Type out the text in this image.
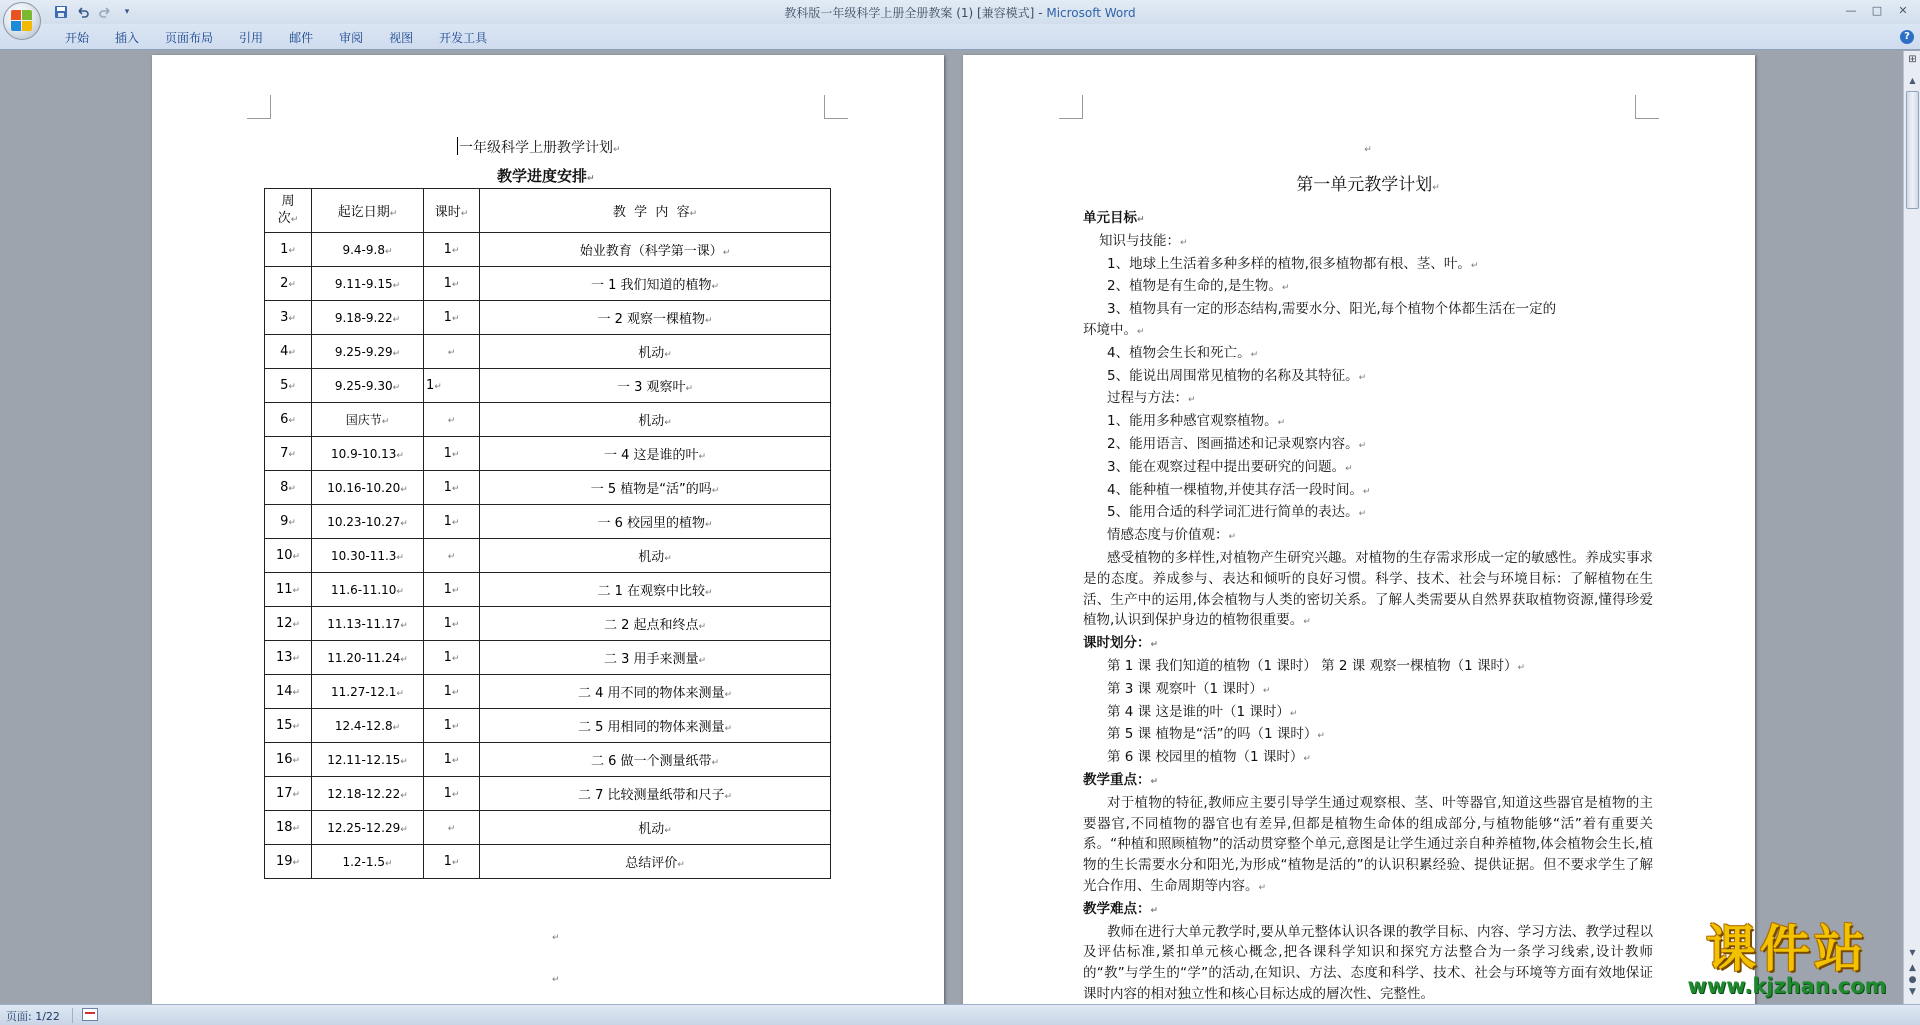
▾	教科版一年级科学上册全册教案 (1) [兼容模式] - Microsoft Word	—	□	✕
开始	插入	页面布局	引用	邮件	审阅	视图	开发工具	?
一年级科学上册教学计划↵
教学进度安排↵
周
次↵	起讫日期↵	课时↵	教  学  内  容↵
1↵	9.4-9.8↵	1↵	始业教育（科学第一课）↵
2↵	9.11-9.15↵	1↵	一 1 我们知道的植物↵
3↵	9.18-9.22↵	1↵	一 2 观察一棵植物↵
4↵	9.25-9.29↵	↵	机动↵
5↵	9.25-9.30↵	1↵	一 3 观察叶↵
6↵	国庆节↵	↵	机动↵
7↵	10.9-10.13↵	1↵	一 4 这是谁的叶↵
8↵	10.16-10.20↵	1↵	一 5 植物是“活”的吗↵
9↵	10.23-10.27↵	1↵	一 6 校园里的植物↵
10↵	10.30-11.3↵	↵	机动↵
11↵	11.6-11.10↵	1↵	二 1 在观察中比较↵
12↵	11.13-11.17↵	1↵	二 2 起点和终点↵
13↵	11.20-11.24↵	1↵	二 3 用手来测量↵
14↵	11.27-12.1↵	1↵	二 4 用不同的物体来测量↵
15↵	12.4-12.8↵	1↵	二 5 用相同的物体来测量↵
16↵	12.11-12.15↵	1↵	二 6 做一个测量纸带↵
17↵	12.18-12.22↵	1↵	二 7 比较测量纸带和尺子↵
18↵	12.25-12.29↵	↵	机动↵
19↵	1.2-1.5↵	1↵	总结评价↵
↵
↵
↵
第一单元教学计划↵
单元目标↵
知识与技能：↵
1、地球上生活着多种多样的植物,很多植物都有根、茎、叶。↵
2、植物是有生命的,是生物。↵
3、植物具有一定的形态结构,需要水分、阳光,每个植物个体都生活在一定的
环境中。↵
4、植物会生长和死亡。↵
5、能说出周围常见植物的名称及其特征。↵
过程与方法：↵
1、能用多种感官观察植物。↵
2、能用语言、图画描述和记录观察内容。↵
3、能在观察过程中提出要研究的问题。↵
4、能种植一棵植物,并使其存活一段时间。↵
5、能用合适的科学词汇进行简单的表达。↵
情感态度与价值观：↵
感受植物的多样性,对植物产生研究兴趣。对植物的生存需求形成一定的敏感性。养成实事求是的态度。养成参与、表达和倾听的良好习惯。科学、技术、社会与环境目标：了解植物在生活、生产中的运用,体会植物与人类的密切关系。了解人类需要从自然界获取植物资源,懂得珍爱植物,认识到保护身边的植物很重要。↵
课时划分：↵
第 1 课 我们知道的植物（1 课时） 第 2 课 观察一棵植物（1 课时）↵
第 3 课 观察叶（1 课时）↵
第 4 课 这是谁的叶（1 课时）↵
第 5 课 植物是“活”的吗（1 课时）↵
第 6 课 校园里的植物（1 课时）↵
教学重点：↵
对于植物的特征,教师应主要引导学生通过观察根、茎、叶等器官,知道这些器官是植物的主要器官,不同植物的器官也有差异,但都是植物生命体的组成部分,与植物能够“活”着有重要关系。“种植和照顾植物”的活动贯穿整个单元,意图是让学生通过亲自种养植物,体会植物会生长,植物的生长需要水分和阳光,为形成“植物是活的”的认识积累经验、提供证据。但不要求学生了解光合作用、生命周期等内容。↵
教学难点：↵
教师在进行大单元教学时,要从单元整体认识各课的教学目标、内容、学习方法、教学过程以及评估标准,紧扣单元核心概念,把各课科学知识和探究方法整合为一条学习线索,设计教师的“教”与学生的“学”的活动,在知识、方法、态度和科学、技术、社会与环境等方面有效地保证课时内容的相对独立性和核心目标达成的層次性、完整性。
⊞
▲
▼
▲
●
▼
页面: 1/22
课件站
www.kjzhan.com
